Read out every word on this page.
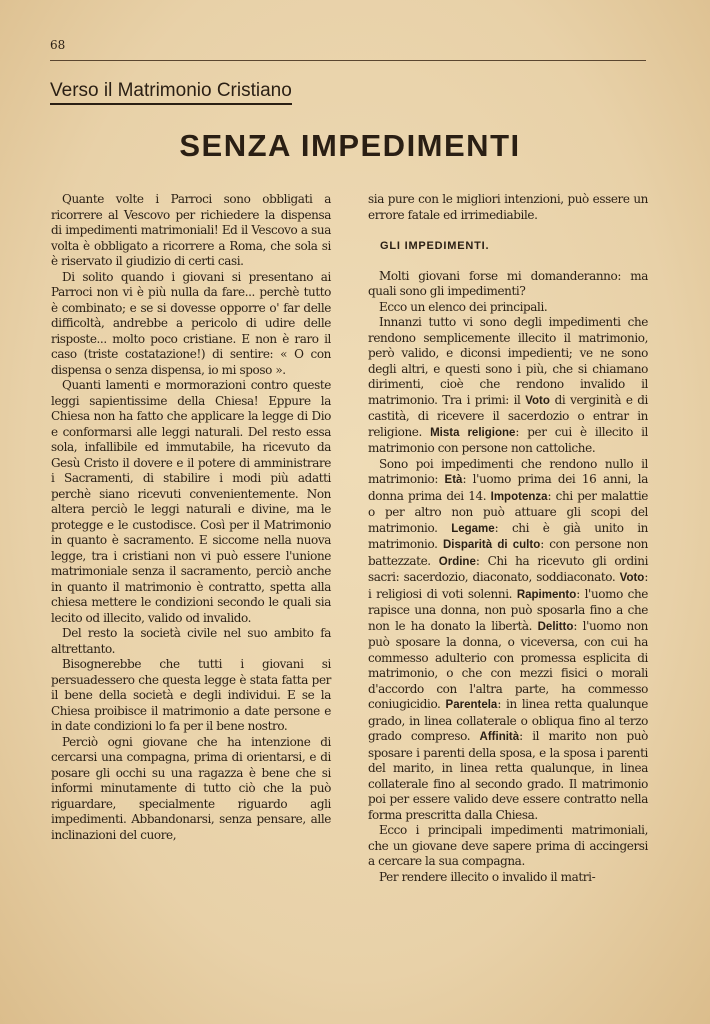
68
Verso il Matrimonio Cristiano
SENZA IMPEDIMENTI

Quante volte i Parroci sono obbligati a ricorrere al Vescovo per richiedere la dispensa di impedimenti matrimoniali! Ed il Vescovo a sua volta è obbligato a ricorrere a Roma, che sola si è riservato il giudizio di certi casi.

Di solito quando i giovani si presentano ai Parroci non vi è più nulla da fare... perchè tutto è combinato; e se si dovesse opporre o' far delle difficoltà, andrebbe a pericolo di udire delle risposte... molto poco cristiane. E non è raro il caso (triste costatazione!) di sentire: « O con dispensa o senza dispensa, io mi sposo ».

Quanti lamenti e mormorazioni contro queste leggi sapientissime della Chiesa! Eppure la Chiesa non ha fatto che applicare la legge di Dio e conformarsi alle leggi naturali. Del resto essa sola, infallibile ed immutabile, ha ricevuto da Gesù Cristo il dovere e il potere di amministrare i Sacramenti, di stabilire i modi più adatti perchè siano ricevuti convenientemente. Non altera perciò le leggi naturali e divine, ma le protegge e le custodisce. Così per il Matrimonio in quanto è sacramento. E siccome nella nuova legge, tra i cristiani non vi può essere l'unione matrimoniale senza il sacramento, perciò anche in quanto il matrimonio è contratto, spetta alla chiesa mettere le condizioni secondo le quali sia lecito od illecito, valido od invalido.

Del resto la società civile nel suo ambito fa altrettanto.

Bisognerebbe che tutti i giovani si persuadessero che questa legge è stata fatta per il bene della società e degli individui. E se la Chiesa proibisce il matrimonio a date persone e in date condizioni lo fa per il bene nostro.

Perciò ogni giovane che ha intenzione di cercarsi una compagna, prima di orientarsi, e di posare gli occhi su una ragazza è bene che si informi minutamente di tutto ciò che la può riguardare, specialmente riguardo agli impedimenti. Abbandonarsi, senza pensare, alle inclinazioni del cuore,

sia pure con le migliori intenzioni, può essere un errore fatale ed irrimediabile.

GLI IMPEDIMENTI.

Molti giovani forse mi domanderanno: ma quali sono gli impedimenti?

Ecco un elenco dei principali.

Innanzi tutto vi sono degli impedimenti che rendono semplicemente illecito il matrimonio, però valido, e diconsi impedienti; ve ne sono degli altri, e questi sono i più, che si chiamano dirimenti, cioè che rendono invalido il matrimonio. Tra i primi: il Voto di verginità e di castità, di ricevere il sacerdozio o entrar in religione. Mista religione: per cui è illecito il matrimonio con persone non cattoliche.

Sono poi impedimenti che rendono nullo il matrimonio: Età: l'uomo prima dei 16 anni, la donna prima dei 14. Impotenza: chi per malattie o per altro non può attuare gli scopi del matrimonio. Legame: chi è già unito in matrimonio. Disparità di culto: con persone non battezzate. Ordine: Chi ha ricevuto gli ordini sacri: sacerdozio, diaconato, soddiaconato. Voto: i religiosi di voti solenni. Rapimento: l'uomo che rapisce una donna, non può sposarla fino a che non le ha donato la libertà. Delitto: l'uomo non può sposare la donna, o viceversa, con cui ha commesso adulterio con promessa esplicita di matrimonio, o che con mezzi fisici o morali d'accordo con l'altra parte, ha commesso coniugicidio. Parentela: in linea retta qualunque grado, in linea collaterale o obliqua fino al terzo grado compreso. Affinità: il marito non può sposare i parenti della sposa, e la sposa i parenti del marito, in linea retta qualunque, in linea collaterale fino al secondo grado. Il matrimonio poi per essere valido deve essere contratto nella forma prescritta dalla Chiesa.

Ecco i principali impedimenti matrimoniali, che un giovane deve sapere prima di accingersi a cercare la sua compagna.

Per rendere illecito o invalido il matri-
